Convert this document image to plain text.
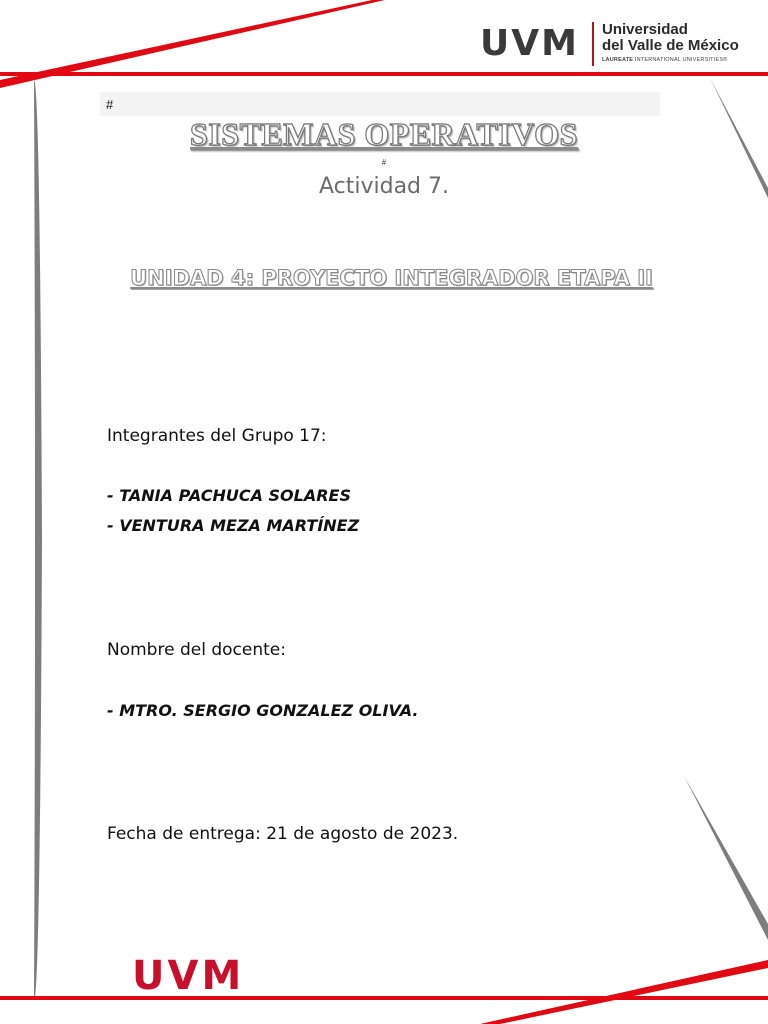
UVM Universidad
del Valle de México
LAUREATE INTERNATIONAL UNIVERSITIES®
#
SISTEMAS OPERATIVOS
#
Actividad 7.
UNIDAD 4: PROYECTO INTEGRADOR ETAPA II
Integrantes del Grupo 17:
- TANIA PACHUCA SOLARES
- VENTURA MEZA MARTÍNEZ
Nombre del docente:
- MTRO. SERGIO GONZALEZ OLIVA.
Fecha de entrega: 21 de agosto de 2023.
UVM
